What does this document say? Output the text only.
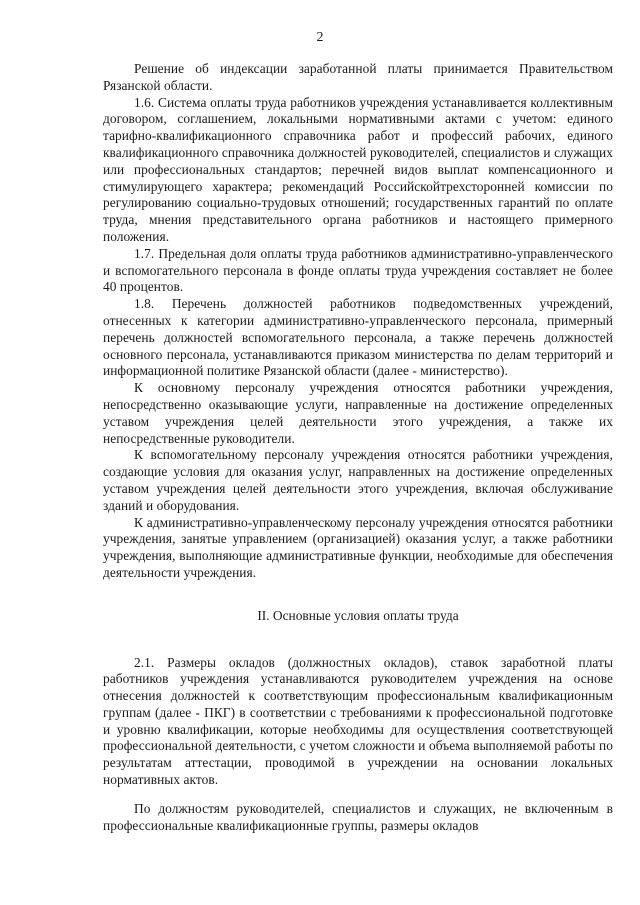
2

Решение об индексации заработанной платы принимается Правительством Рязанской области.

1.6. Система оплаты труда работников учреждения устанавливается коллективным договором, соглашением, локальными нормативными актами с учетом: единого тарифно-квалификационного справочника работ и профессий рабочих, единого квалификационного справочника должностей руководителей, специалистов и служащих или профессиональных стандартов; перечней видов выплат компенсационного и стимулирующего характера; рекомендаций Российскойтрехсторонней комиссии по регулированию социально-трудовых отношений; государственных гарантий по оплате труда, мнения представительного органа работников и настоящего примерного положения.

1.7. Предельная доля оплаты труда работников административно-управленческого и вспомогательного персонала в фонде оплаты труда учреждения составляет не более 40 процентов.

1.8. Перечень должностей работников подведомственных учреждений, отнесенных к категории административно-управленческого персонала, примерный перечень должностей вспомогательного персонала, а также перечень должностей основного персонала, устанавливаются приказом министерства по делам территорий и информационной политике Рязанской области (далее - министерство).

К основному персоналу учреждения относятся работники учреждения, непосредственно оказывающие услуги, направленные на достижение определенных уставом учреждения целей деятельности этого учреждения, а также их непосредственные руководители.

К вспомогательному персоналу учреждения относятся работники учреждения, создающие условия для оказания услуг, направленных на достижение определенных уставом учреждения целей деятельности этого учреждения, включая обслуживание зданий и оборудования.

К административно-управленческому персоналу учреждения относятся работники учреждения, занятые управлением (организацией) оказания услуг, а также работники учреждения, выполняющие административные функции, необходимые для обеспечения деятельности учреждения.

II. Основные условия оплаты труда

2.1. Размеры окладов (должностных окладов), ставок заработной платы работников учреждения устанавливаются руководителем учреждения на основе отнесения должностей к соответствующим профессиональным квалификационным группам (далее - ПКГ) в соответствии с требованиями к профессиональной подготовке и уровню квалификации, которые необходимы для осуществления соответствующей профессиональной деятельности, с учетом сложности и объема выполняемой работы по результатам аттестации, проводимой в учреждении на основании локальных нормативных актов.

По должностям руководителей, специалистов и служащих, не включенным в профессиональные квалификационные группы, размеры окладов
